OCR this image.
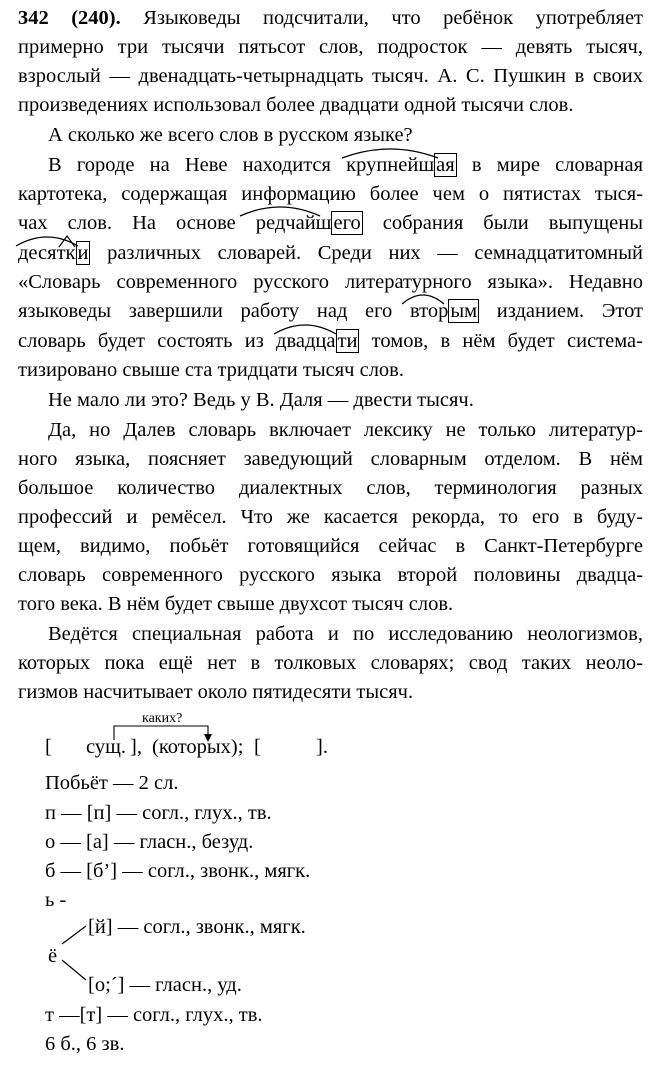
342 (240). Языковеды подсчитали, что ребёнок употребляет
примерно три тысячи пятьсот слов, подросток — девять тысяч,
взрослый — двенадцать-четырнадцать тысяч. А. С. Пушкин в своих
произведениях использовал более двадцати одной тысячи слов.
А сколько же всего слов в русском языке?
В городе на Неве находится крупнейшая в мире словарная
картотека, содержащая информацию более чем о пятистах тыся-
чах слов. На основе редчайшего собрания были выпущены
десятки различных словарей. Среди них — семнадцатитомный
«Словарь современного русского литературного языка». Недавно
языковеды завершили работу над его вторым изданием. Этот
словарь будет состоять из двадцати томов, в нём будет система-
тизировано свыше ста тридцати тысяч слов.
Не мало ли это? Ведь у В. Даля — двести тысяч.
Да, но Далев словарь включает лексику не только литератур-
ного языка, поясняет заведующий словарным отделом. В нём
большое количество диалектных слов, терминология разных
профессий и ремёсел. Что же касается рекорда, то его в буду-
щем, видимо, побьёт готовящийся сейчас в Санкт-Петербурге
словарь современного русского языка второй половины двадца-
того века. В нём будет свыше двухсот тысяч слов.
Ведётся специальная работа и по исследованию неологизмов,
которых пока ещё нет в толковых словарях; свод таких неоло-
гизмов насчитывает около пятидесяти тысяч.
каких?
[ сущ. ], (которых); [	].
Побьёт — 2 сл.
п — [п] — согл., глух., тв.
о — [а] — гласн., безуд.
б — [б’] — согл., звонк., мягк.
ь -
[й] — согл., звонк., мягк.
ё
[о;´] — гласн., уд.
т —[т] — согл., глух., тв.
6 б., 6 зв.
